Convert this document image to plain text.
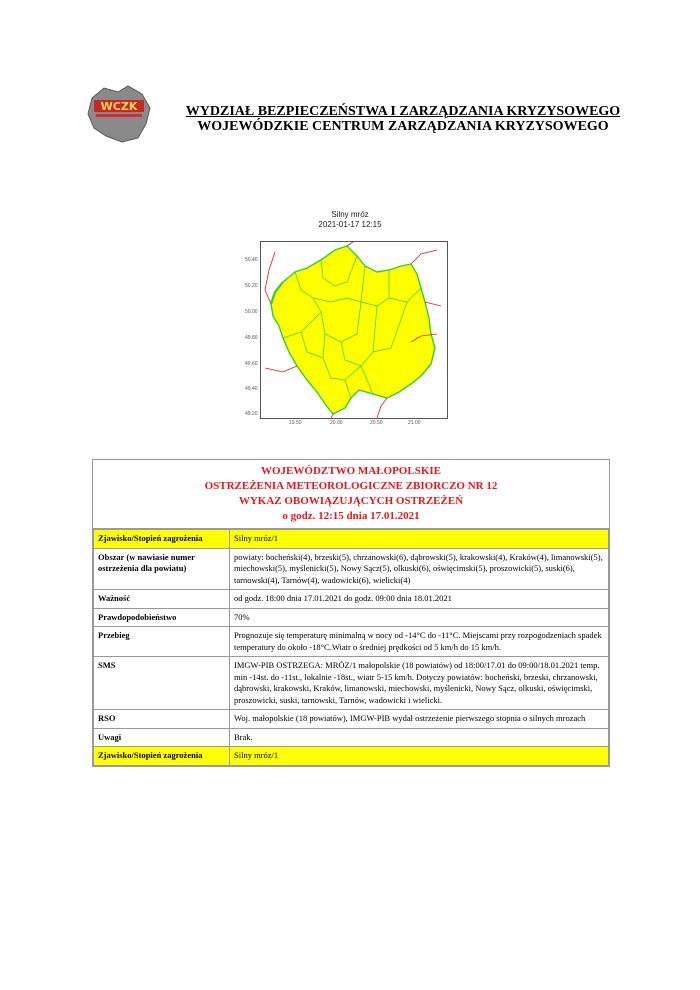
WCZK	WYDZIAŁ BEZPIECZEŃSTWA I ZARZĄDZANIA KRYZYSOWEGO
WOJEWÓDZKIE CENTRUM ZARZĄDZANIA KRYZYSOWEGO
Silny mróz
2021-01-17 12:15
50.40
50.20
50.00
49.80
49.60
49.40
49.20
19.50	20.00	20.50	21.00
WOJEWÓDZTWO MAŁOPOLSKIE
OSTRZEŻENIA METEOROLOGICZNE ZBIORCZO NR 12
WYKAZ OBOWIĄZUJĄCYCH OSTRZEŻEŃ
o godz. 12:15 dnia 17.01.2021
Zjawisko/Stopień zagrożenia	Silny mróz/1
Obszar (w nawiasie numer ostrzeżenia dla powiatu)	powiaty: bocheński(4), brzeski(5), chrzanowski(6), dąbrowski(5), krakowski(4), Kraków(4), limanowski(5), miechowski(5), myślenicki(5), Nowy Sącz(5), olkuski(6), oświęcimski(5), proszowicki(5), suski(6), tarnowski(4), Tarnów(4), wadowicki(6), wielicki(4)
Ważność	od godz. 18:00 dnia 17.01.2021 do godz. 09:00 dnia 18.01.2021
Prawdopodobieństwo	70%
Przebieg	Prognozuje się temperaturę minimalną w nocy od -14°C do -11°C. Miejscami przy rozpogodzeniach spadek temperatury do około -18°C.Wiatr o średniej prędkości od 5 km/h do 15 km/h.
SMS	IMGW-PIB OSTRZEGA: MRÓZ/1 małopolskie (18 powiatów) od 18:00/17.01 do 09:00/18.01.2021 temp. min -14st. do -11st., lokalnie -18st., wiatr 5-15 km/h. Dotyczy powiatów: bocheński, brzeski, chrzanowski, dąbrowski, krakowski, Kraków, limanowski, miechowski, myślenicki, Nowy Sącz, olkuski, oświęcimski, proszowicki, suski, tarnowski, Tarnów, wadowicki i wielicki.
RSO	Woj. małopolskie (18 powiatów), IMGW-PIB wydał ostrzeżenie pierwszego stopnia o silnych mrozach
Uwagi	Brak.
Zjawisko/Stopień zagrożenia	Silny mróz/1
